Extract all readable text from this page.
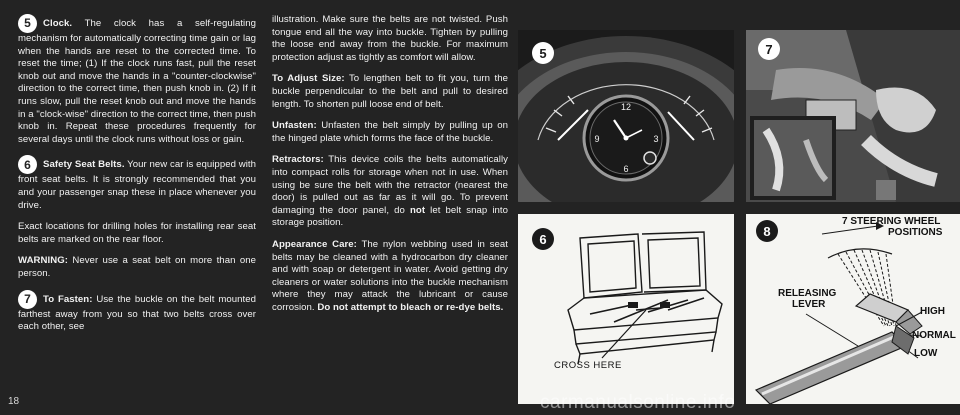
5 Clock. The clock has a self-regulating mechanism for automatically correcting time gain or lag when the hands are reset to the corrected time. To reset the time; (1) If the clock runs fast, pull the reset knob out and move the hands in a "counter-clockwise" direction to the correct time, then push knob in. (2) If it runs slow, pull the reset knob out and move the hands in a "clock-wise" direction to the correct time, then push knob in. Repeat these procedures frequently for several days until the clock runs without loss or gain.

6 Safety Seat Belts. Your new car is equipped with front seat belts. It is strongly recommended that you and your passenger snap these in place whenever you drive.

Exact locations for drilling holes for installing rear seat belts are marked on the rear floor.

WARNING: Never use a seat belt on more than one person.

7 To Fasten: Use the buckle on the belt mounted farthest away from you so that two belts cross over each other, see

18

illustration. Make sure the belts are not twisted. Push tongue end all the way into buckle. Tighten by pulling the loose end away from the buckle. For maximum protection adjust as tightly as comfort will allow.

To Adjust Size: To lengthen belt to fit you, turn the buckle perpendicular to the belt and pull to desired length. To shorten pull loose end of belt.

Unfasten: Unfasten the belt simply by pulling up on the hinged plate which forms the face of the buckle.

Retractors: This device coils the belts automatically into compact rolls for storage when not in use. When using be sure the belt with the retractor (nearest the door) is pulled out as far as it will go. To prevent damaging the door panel, do not let belt snap into storage position.

Appearance Care: The nylon webbing used in seat belts may be cleaned with a hydrocarbon dry cleaner and with soap or detergent in water. Avoid getting dry cleaners or water solutions into the buckle mechanism where they may attack the lubricant or cause corrosion. Do not attempt to bleach or re-dye belts.

12
3
6
9
5	7
6
CROSS HERE
8
7 STEERING WHEEL
POSITIONS
RELEASING
LEVER
HIGH
NORMAL
LOW
carmanualsonline.info
